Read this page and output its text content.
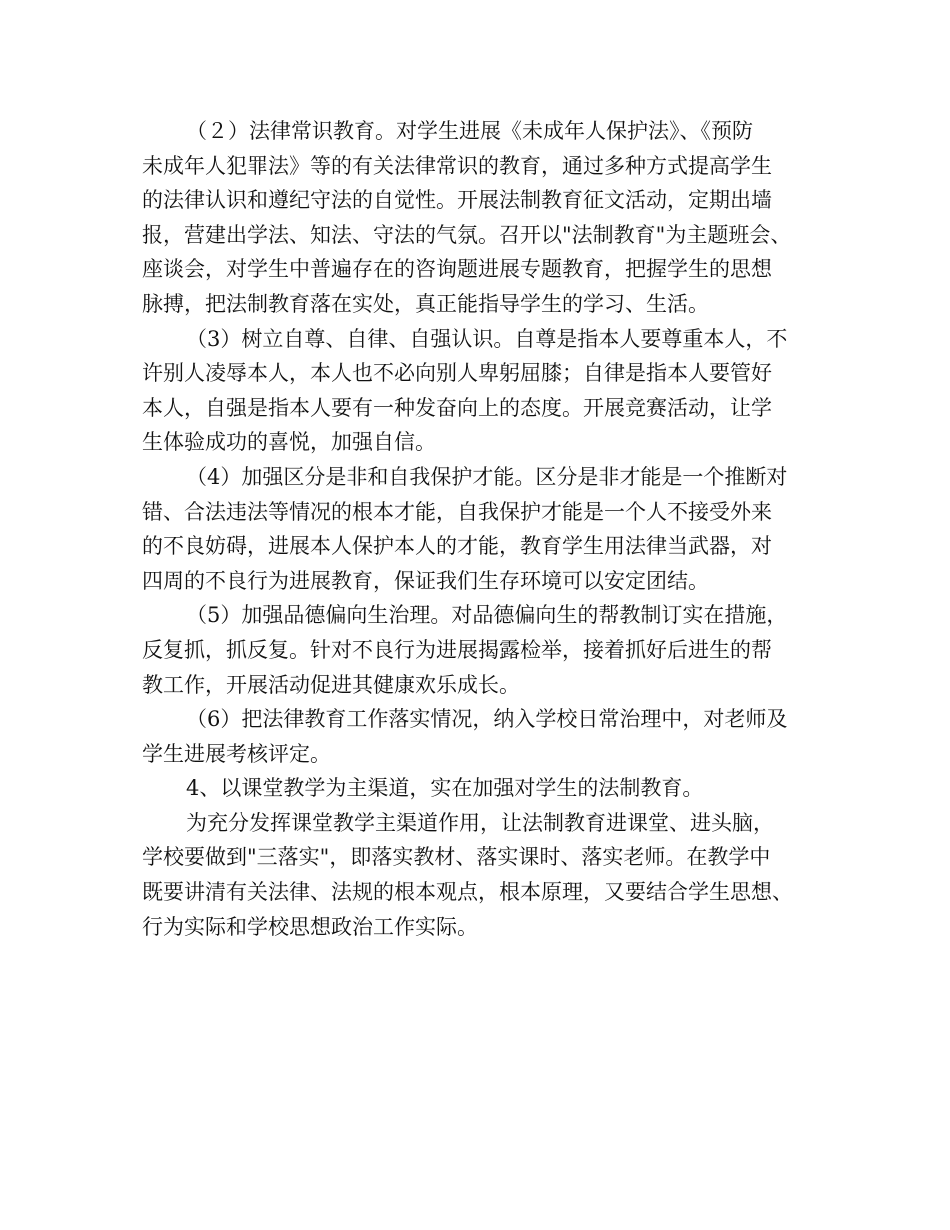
（２）法律常识教育。对学生进展《未成年人保护法》、《预防
未成年人犯罪法》等的有关法律常识的教育，通过多种方式提高学生
的法律认识和遵纪守法的自觉性。开展法制教育征文活动，定期出墙
报，营建出学法、知法、守法的气氛。召开以"法制教育"为主题班会、
座谈会，对学生中普遍存在的咨询题进展专题教育，把握学生的思想
脉搏，把法制教育落在实处，真正能指导学生的学习、生活。
（3）树立自尊、自律、自强认识。自尊是指本人要尊重本人，不
许别人凌辱本人，本人也不必向别人卑躬屈膝；自律是指本人要管好
本人，自强是指本人要有一种发奋向上的态度。开展竞赛活动，让学
生体验成功的喜悦，加强自信。
（4）加强区分是非和自我保护才能。区分是非才能是一个推断对
错、合法违法等情况的根本才能，自我保护才能是一个人不接受外来
的不良妨碍，进展本人保护本人的才能，教育学生用法律当武器，对
四周的不良行为进展教育，保证我们生存环境可以安定团结。
（5）加强品德偏向生治理。对品德偏向生的帮教制订实在措施，
反复抓，抓反复。针对不良行为进展揭露检举，接着抓好后进生的帮
教工作，开展活动促进其健康欢乐成长。
（6）把法律教育工作落实情况，纳入学校日常治理中，对老师及
学生进展考核评定。
4、以课堂教学为主渠道，实在加强对学生的法制教育。
为充分发挥课堂教学主渠道作用，让法制教育进课堂、进头脑，
学校要做到"三落实"，即落实教材、落实课时、落实老师。在教学中
既要讲清有关法律、法规的根本观点，根本原理，又要结合学生思想、
行为实际和学校思想政治工作实际。
